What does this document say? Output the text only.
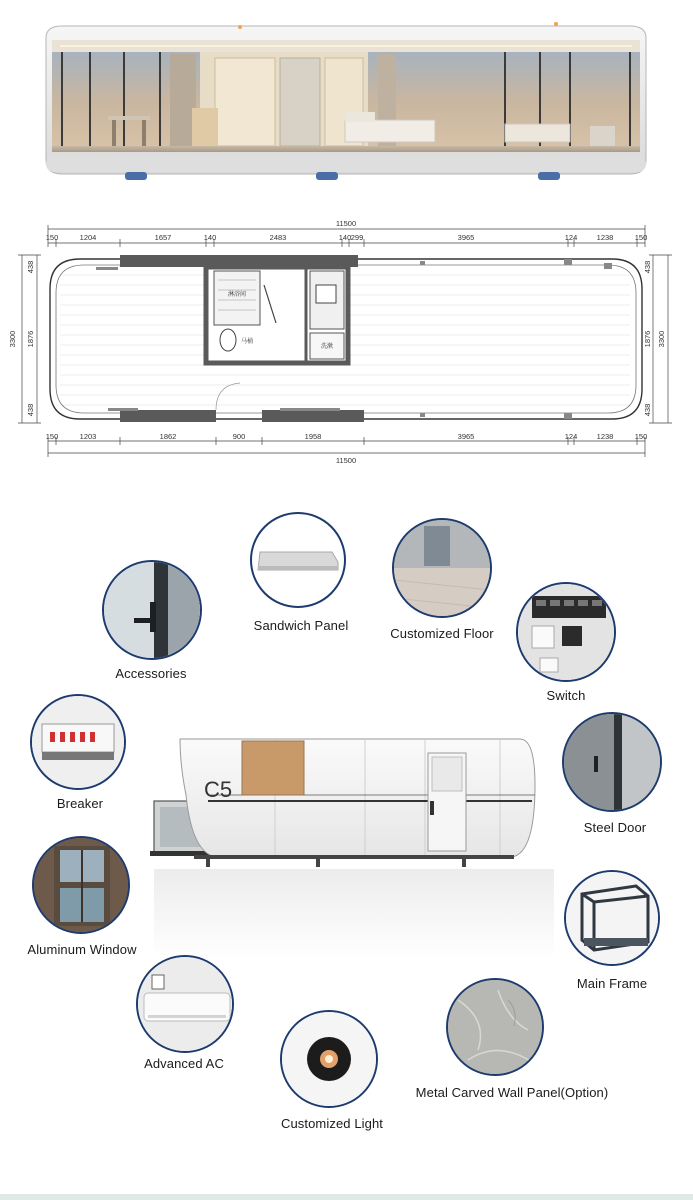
11500
150	1204	1657	140	2483	140 299	3965	124	1238	150
150	1203	1862	900	1958	3965	124	1238	150
11500
3300 1876
438
438
3300
1876
438
438
淋浴间
马桶
洗漱
C5
Sandwich Panel
Customized Floor
Accessories
Switch
Breaker
Steel Door
Aluminum Window
Main Frame
Advanced AC
Metal Carved Wall Panel(Option)
Customized Light
